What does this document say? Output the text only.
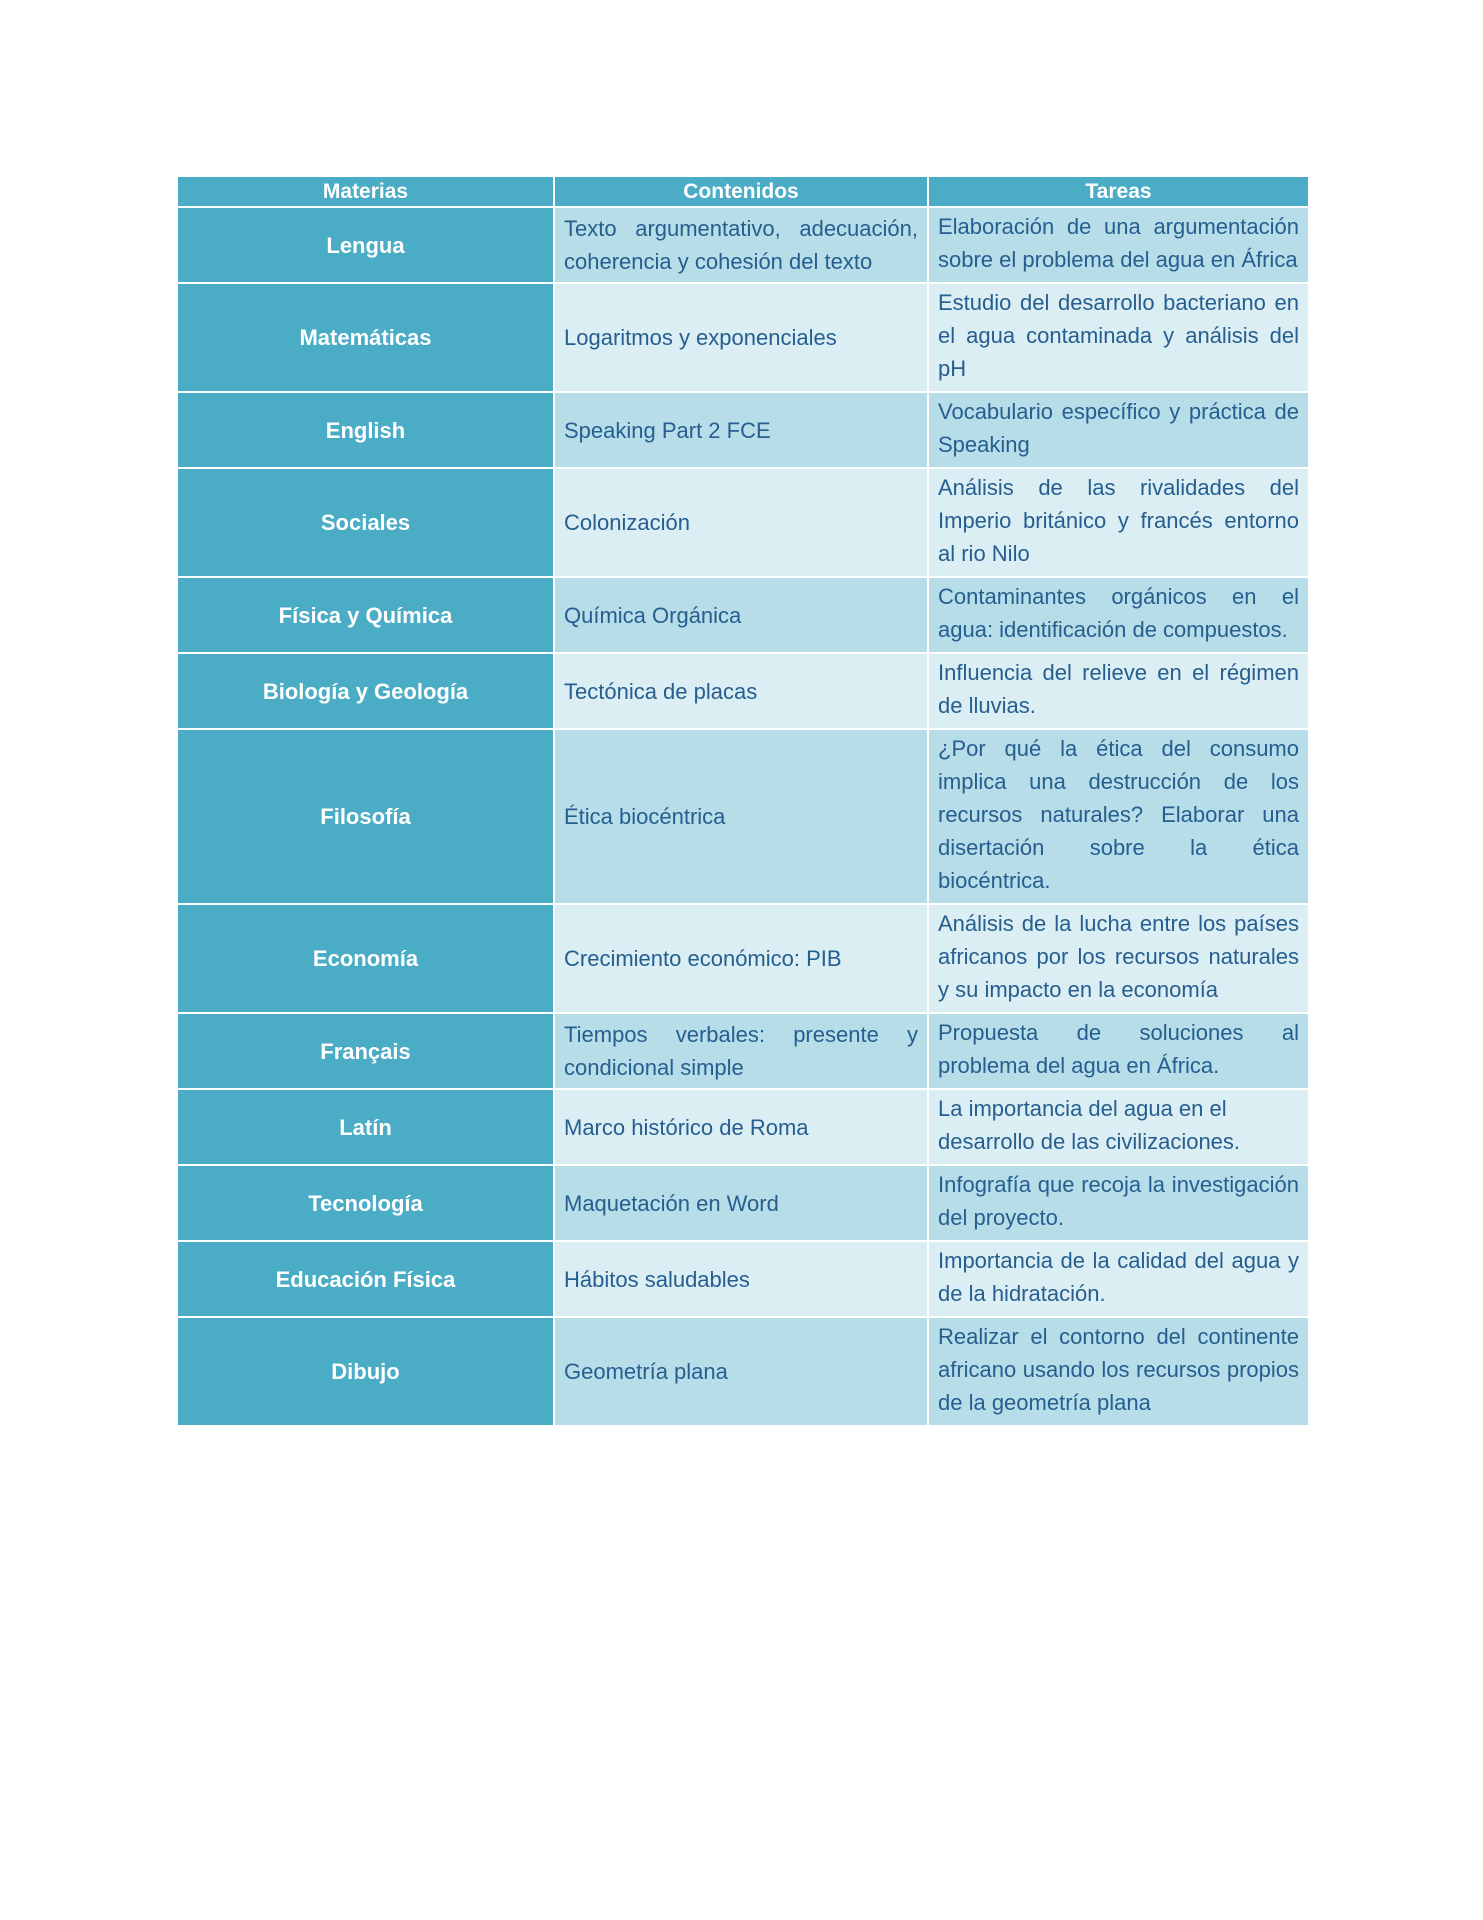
Materias	Contenidos	Tareas
Lengua	Texto argumentativo, adecuación, coherencia y cohesión del texto	Elaboración de una argumentación sobre el problema del agua en África
Matemáticas	Logaritmos y exponenciales	Estudio del desarrollo bacteriano en el agua contaminada y análisis del pH
English	Speaking Part 2 FCE	Vocabulario específico y práctica de Speaking
Sociales	Colonización	Análisis de las rivalidades del Imperio británico y francés entorno al rio Nilo
Física y Química	Química Orgánica	Contaminantes orgánicos en el agua: identificación de compuestos.
Biología y Geología	Tectónica de placas	Influencia del relieve en el régimen de lluvias.
Filosofía	Ética biocéntrica	¿Por qué la ética del consumo implica una destrucción de los recursos naturales? Elaborar una disertación sobre la ética biocéntrica.
Economía	Crecimiento económico: PIB	Análisis de la lucha entre los países africanos por los recursos naturales y su impacto en la economía
Français	Tiempos verbales: presente y condicional simple	Propuesta de soluciones al problema del agua en África.
Latín	Marco histórico de Roma	La importancia del agua en el desarrollo de las civilizaciones.
Tecnología	Maquetación en Word	Infografía que recoja la investigación del proyecto.
Educación Física	Hábitos saludables	Importancia de la calidad del agua y de la hidratación.
Dibujo	Geometría plana	Realizar el contorno del continente africano usando los recursos propios de la geometría plana
